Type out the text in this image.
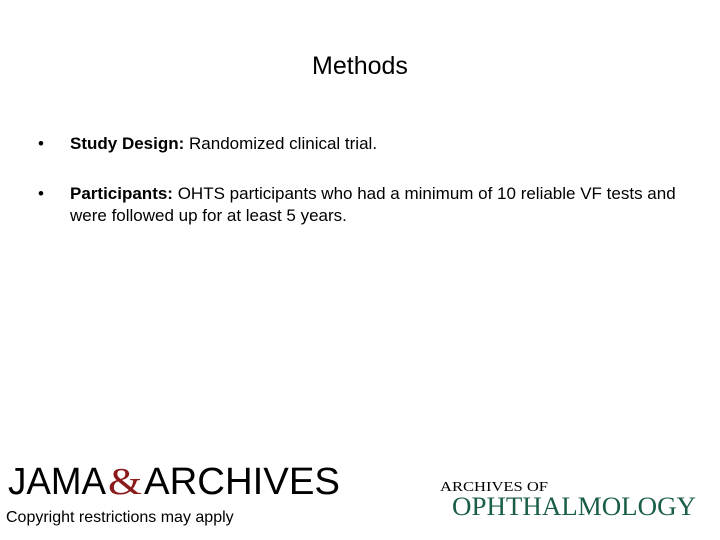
Methods
• Study Design: Randomized clinical trial.
• Participants: OHTS participants who had a minimum of 10 reliable VF tests and were followed up for at least 5 years.
JAMA & ARCHIVES
Copyright restrictions may apply
ARCHIVES OF
OPHTHALMOLOGY
